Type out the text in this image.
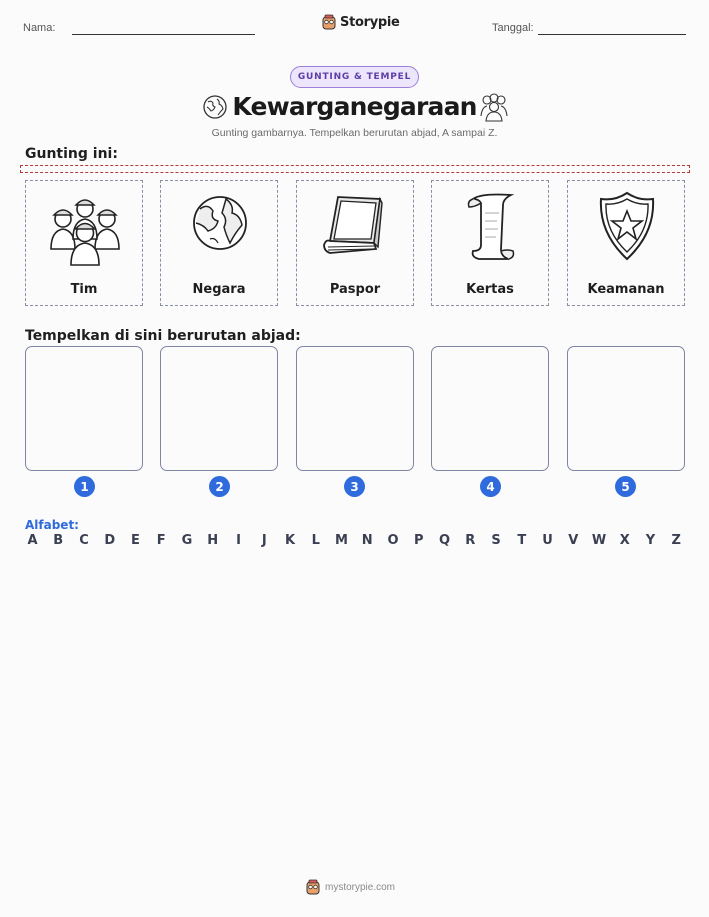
Nama:	Storypie	Tanggal:
GUNTING & TEMPEL
Kewarganegaraan
Gunting gambarnya. Tempelkan berurutan abjad, A sampai Z.
Gunting ini:
Tim	Negara	Paspor	Kertas	Keamanan
Tempelkan di sini berurutan abjad:
1	2	3	4	5
Alfabet:
A B C D E F G H	I	J	K L M N O P Q R S T U V W X Y Z
mystorypie.com
